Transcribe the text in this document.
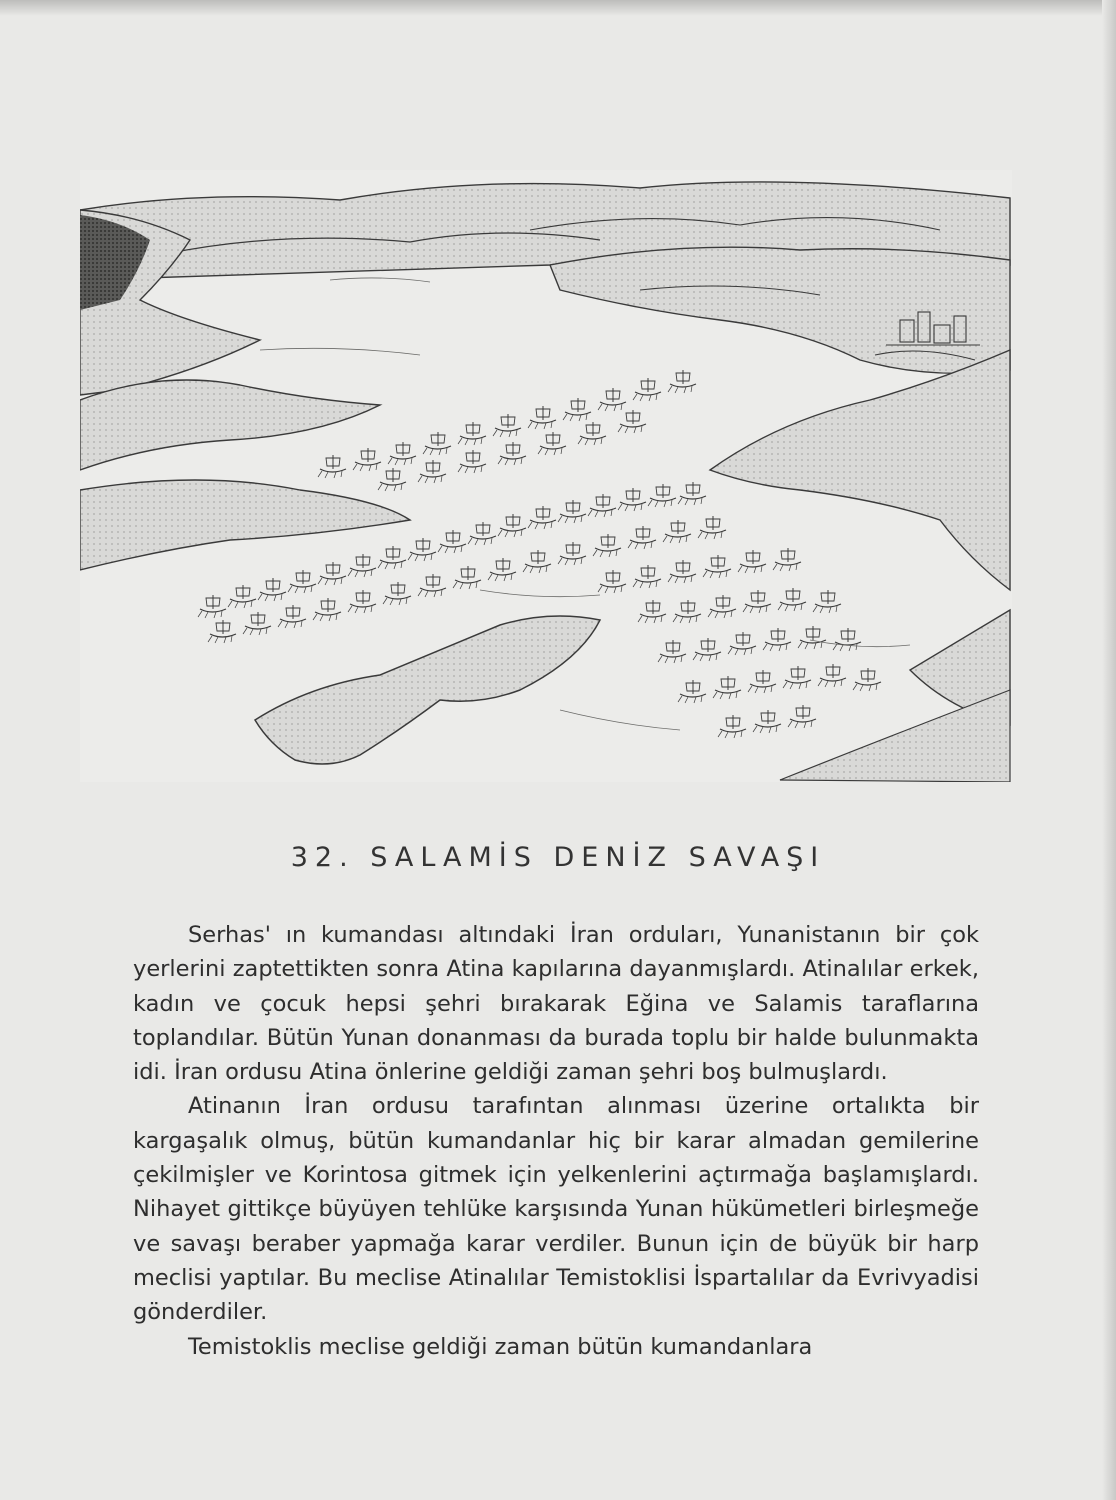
32. SALAMİS DENİZ SAVAŞI

Serhas' ın kumandası altındaki İran orduları, Yunanistanın bir çok yerlerini zaptettikten sonra Atina kapılarına dayanmışlardı. Atinalılar erkek, kadın ve çocuk hepsi şehri bırakarak Eğina ve Salamis taraflarına toplandılar. Bütün Yunan donanması da burada toplu bir halde bulunmakta idi. İran ordusu Atina önlerine geldiği zaman şehri boş bulmuşlardı.

Atinanın İran ordusu tarafıntan alınması üzerine ortalıkta bir kargaşalık olmuş, bütün kumandanlar hiç bir karar almadan gemilerine çekilmişler ve Korintosa gitmek için yelkenlerini açtırmağa başlamışlardı. Nihayet gittikçe büyüyen tehlüke karşısında Yunan hükümetleri birleşmeğe ve savaşı beraber yapmağa karar verdiler. Bunun için de büyük bir harp meclisi yaptılar. Bu meclise Atinalılar Temistoklisi İspartalılar da Evrivyadisi gönderdiler.

Temistoklis meclise geldiği zaman bütün kumandanlara
